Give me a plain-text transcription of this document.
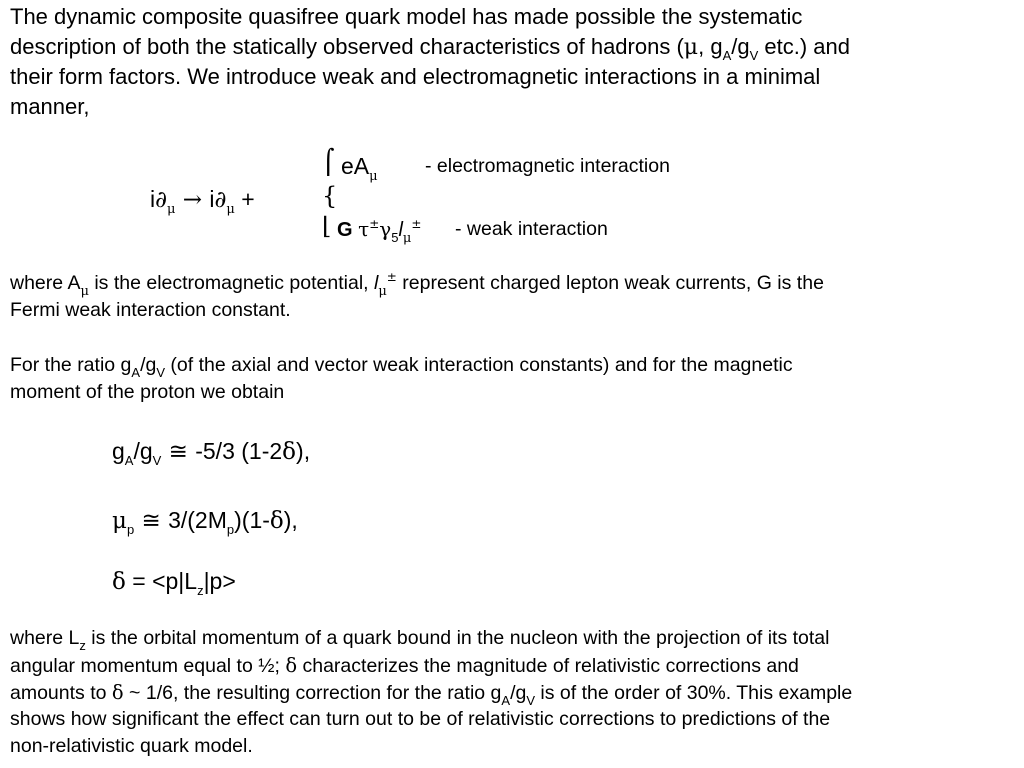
The dynamic composite quasifree quark model has made possible the systematic
description of both the statically observed characteristics of hadrons (μ, $g_A/g_V$ etc.) and
their form factors. We introduce weak and electromagnetic interactions in a minimal
manner,
$i\partial_\mu \to i\partial_\mu$ +
⌠
{
⌊
$eA_\mu$ - electromagnetic interaction
G $\tau^\pm\gamma_5l_\mu^\pm$ - weak interaction
where $A_\mu$ is the electromagnetic potential, $l_\mu^\pm$ represent charged lepton weak currents, G is the
Fermi weak interaction constant.
For the ratio $g_A/g_V$ (of the axial and vector weak interaction constants) and for the magnetic
moment of the proton we obtain
$g_A/g_V$ ≅ -5/3 (1-2δ),
$\mu_p$ ≅ $3/(2M_p)(1-\delta)$,
$\delta = <p|L_z|p>$
where $L_z$ is the orbital momentum of a quark bound in the nucleon with the projection of its total
angular momentum equal to ½; δ characterizes the magnitude of relativistic corrections and
amounts to δ ~ 1/6, the resulting correction for the ratio $g_A/g_V$ is of the order of 30%. This example
shows how significant the effect can turn out to be of relativistic corrections to predictions of the
non-relativistic quark model.
